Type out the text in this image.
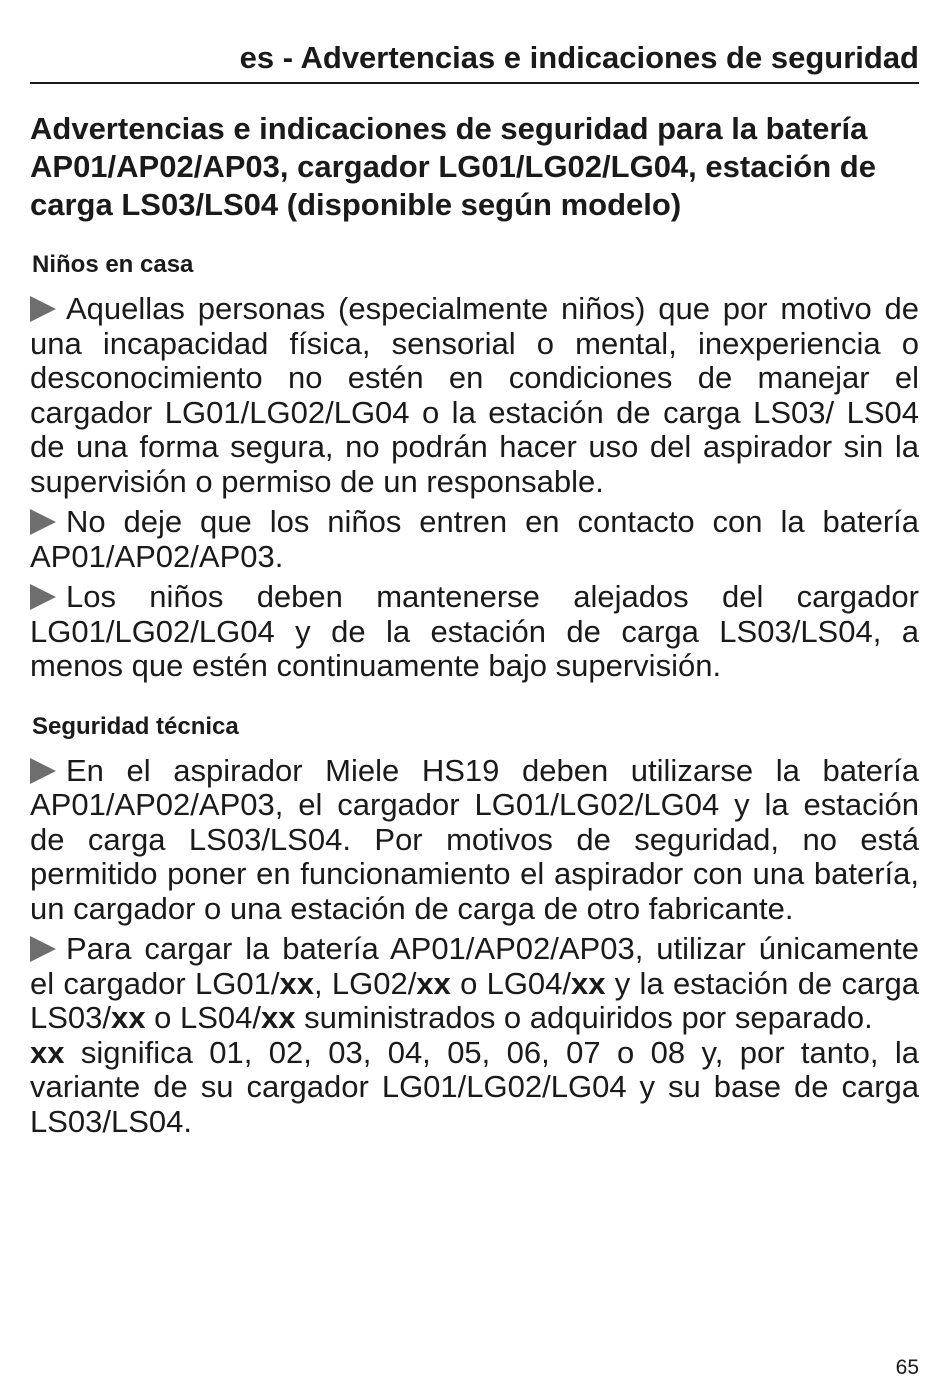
es - Advertencias e indicaciones de seguridad
Advertencias e indicaciones de seguridad para la batería AP01/AP02/AP03, cargador LG01/LG02/LG04, estación de carga LS03/LS04 (disponible según modelo)
Niños en casa

Aquellas personas (especialmente niños) que por motivo de una incapacidad física, sensorial o mental, inexperiencia o desconocimiento no estén en condiciones de manejar el cargador LG01/LG02/LG04 o la estación de carga LS03/ LS04 de una forma segura, no podrán hacer uso del aspirador sin la supervisión o permiso de un responsable.

No deje que los niños entren en contacto con la batería AP01/AP02/AP03.

Los niños deben mantenerse alejados del cargador LG01/LG02/LG04 y de la estación de carga LS03/LS04, a menos que estén continuamente bajo supervisión.

Seguridad técnica

En el aspirador Miele HS19 deben utilizarse la batería AP01/AP02/AP03, el cargador LG01/LG02/LG04 y la estación de carga LS03/LS04. Por motivos de seguridad, no está permitido poner en funcionamiento el aspirador con una batería, un cargador o una estación de carga de otro fabricante.

Para cargar la batería AP01/AP02/AP03, utilizar únicamente el cargador LG01/xx, LG02/xx o LG04/xx y la estación de carga LS03/xx o LS04/xx suministrados o adquiridos por separado.

xx significa 01, 02, 03, 04, 05, 06, 07 o 08 y, por tanto, la variante de su cargador LG01/LG02/LG04 y su base de carga LS03/LS04.

65
